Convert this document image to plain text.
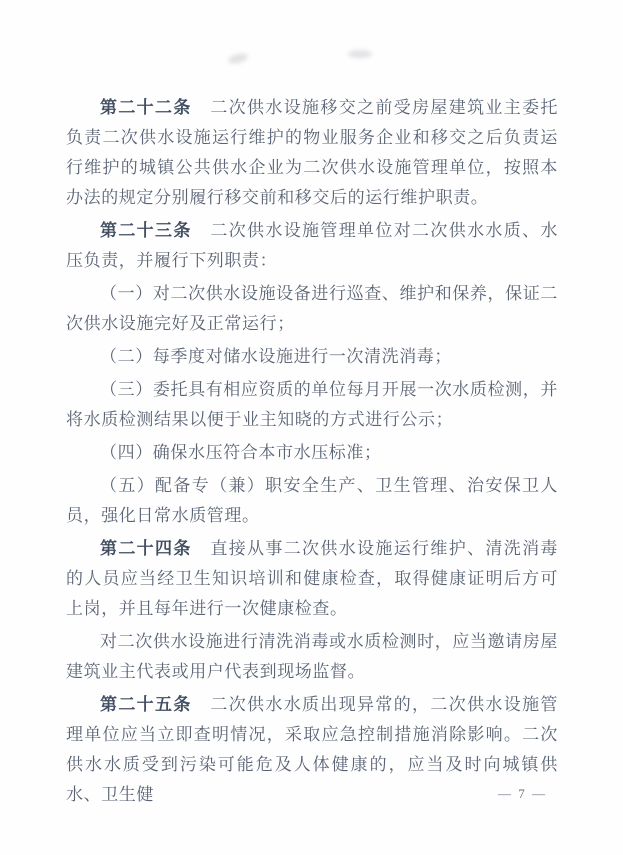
第二十二条 二次供水设施移交之前受房屋建筑业主委托负责二次供水设施运行维护的物业服务企业和移交之后负责运行维护的城镇公共供水企业为二次供水设施管理单位，按照本办法的规定分别履行移交前和移交后的运行维护职责。

第二十三条 二次供水设施管理单位对二次供水水质、水压负责，并履行下列职责：

（一）对二次供水设施设备进行巡查、维护和保养，保证二次供水设施完好及正常运行；

（二）每季度对储水设施进行一次清洗消毒；

（三）委托具有相应资质的单位每月开展一次水质检测，并将水质检测结果以便于业主知晓的方式进行公示；

（四）确保水压符合本市水压标准；

（五）配备专（兼）职安全生产、卫生管理、治安保卫人员，强化日常水质管理。

第二十四条 直接从事二次供水设施运行维护、清洗消毒的人员应当经卫生知识培训和健康检查，取得健康证明后方可上岗，并且每年进行一次健康检查。

对二次供水设施进行清洗消毒或水质检测时，应当邀请房屋建筑业主代表或用户代表到现场监督。

第二十五条 二次供水水质出现异常的，二次供水设施管理单位应当立即查明情况，采取应急控制措施消除影响。二次供水水质受到污染可能危及人体健康的，应当及时向城镇供水、卫生健	— 7 —
